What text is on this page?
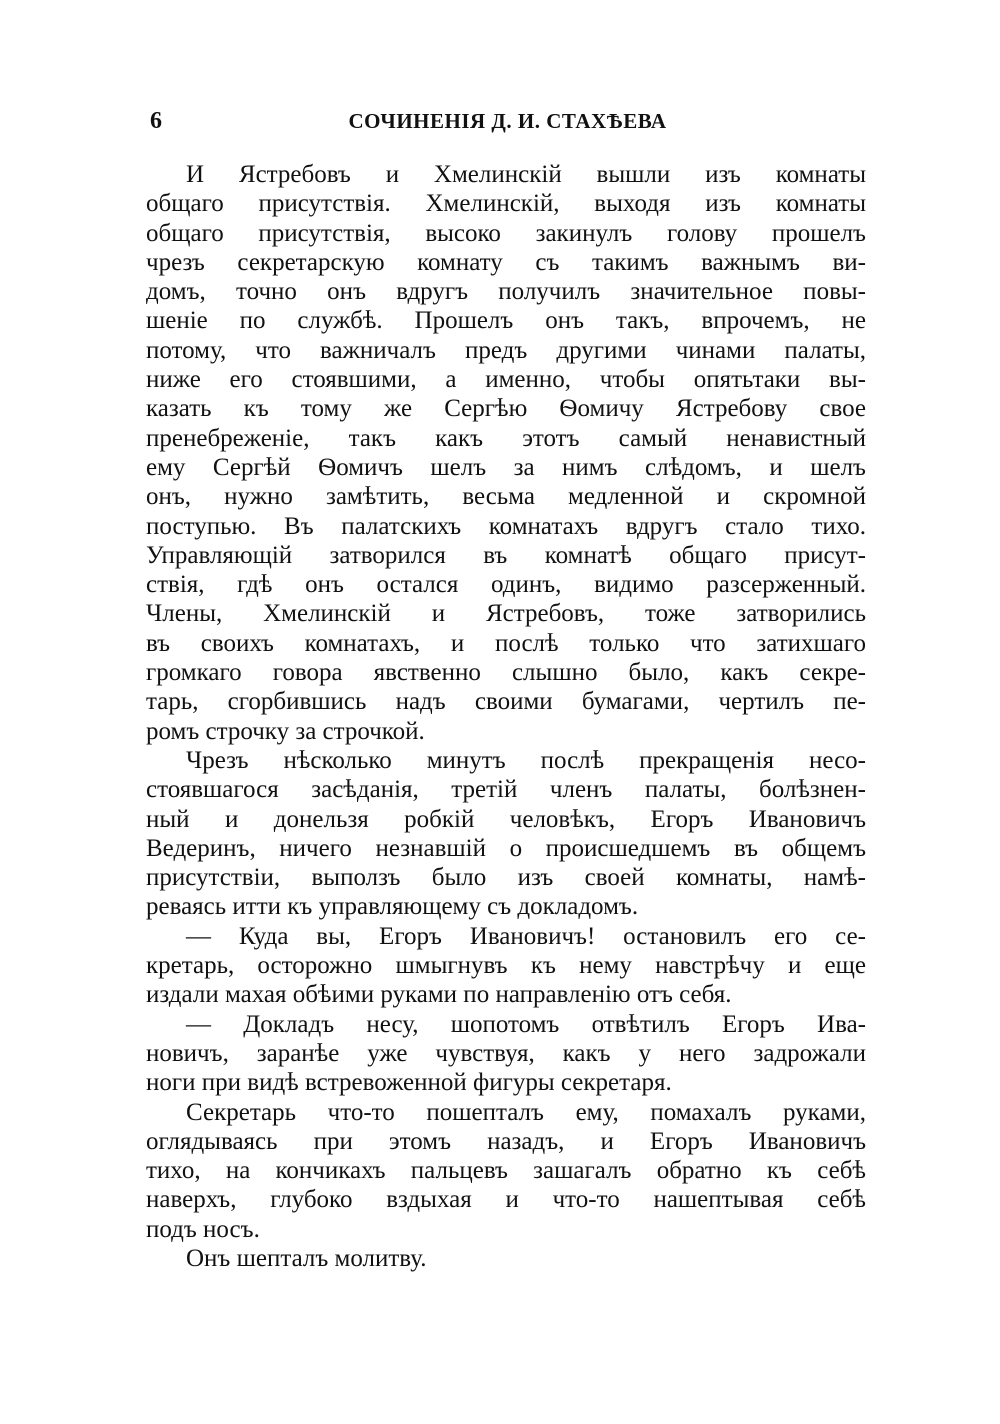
6	СОЧИНЕНІЯ Д. И. СТАХѢЕВА
И Ястребовъ и Хмелинскій вышли изъ комнаты
общаго присутствія. Хмелинскій, выходя изъ комнаты
общаго присутствія, высоко закинулъ голову прошелъ
чрезъ секретарскую комнату съ такимъ важнымъ ви-
домъ, точно онъ вдругъ получилъ значительное повы-
шеніе по службѣ. Прошелъ онъ такъ, впрочемъ, не
потому, что важничалъ предъ другими чинами палаты,
ниже его стоявшими, а именно, чтобы опятьтаки вы-
казать къ тому же Сергѣю Ѳомичу Ястребову свое
пренебреженіе, такъ какъ этотъ самый ненавистный
ему Сергѣй Ѳомичъ шелъ за нимъ слѣдомъ, и шелъ
онъ, нужно замѣтить, весьма медленной и скромной
поступью. Въ палатскихъ комнатахъ вдругъ стало тихо.
Управляющій затворился въ комнатѣ общаго присут-
ствія, гдѣ онъ остался одинъ, видимо разсерженный.
Члены, Хмелинскій и Ястребовъ, тоже затворились
въ своихъ комнатахъ, и послѣ только что затихшаго
громкаго говора явственно слышно было, какъ секре-
тарь, сгорбившись надъ своими бумагами, чертилъ пе-
ромъ строчку за строчкой.
Чрезъ нѣсколько минутъ послѣ прекращенія несо-
стоявшагося засѣданія, третій членъ палаты, болѣзнен-
ный и донельзя робкій человѣкъ, Егоръ Ивановичъ
Ведеринъ, ничего незнавшій о происшедшемъ въ общемъ
присутствіи, выползъ было изъ своей комнаты, намѣ-
реваясь итти къ управляющему съ докладомъ.
— Куда вы, Егоръ Ивановичъ! остановилъ его се-
кретарь, осторожно шмыгнувъ къ нему навстрѣчу и еще
издали махая обѣими руками по направленію отъ себя.
— Докладъ несу, шопотомъ отвѣтилъ Егоръ Ива-
новичъ, заранѣе уже чувствуя, какъ у него задрожали
ноги при видѣ встревоженной фигуры секретаря.
Секретарь что-то пошепталъ ему, помахалъ руками,
оглядываясь при этомъ назадъ, и Егоръ Ивановичъ
тихо, на кончикахъ пальцевъ зашагалъ обратно къ себѣ
наверхъ, глубоко вздыхая и что-то нашептывая себѣ
подъ носъ.
Онъ шепталъ молитву.
